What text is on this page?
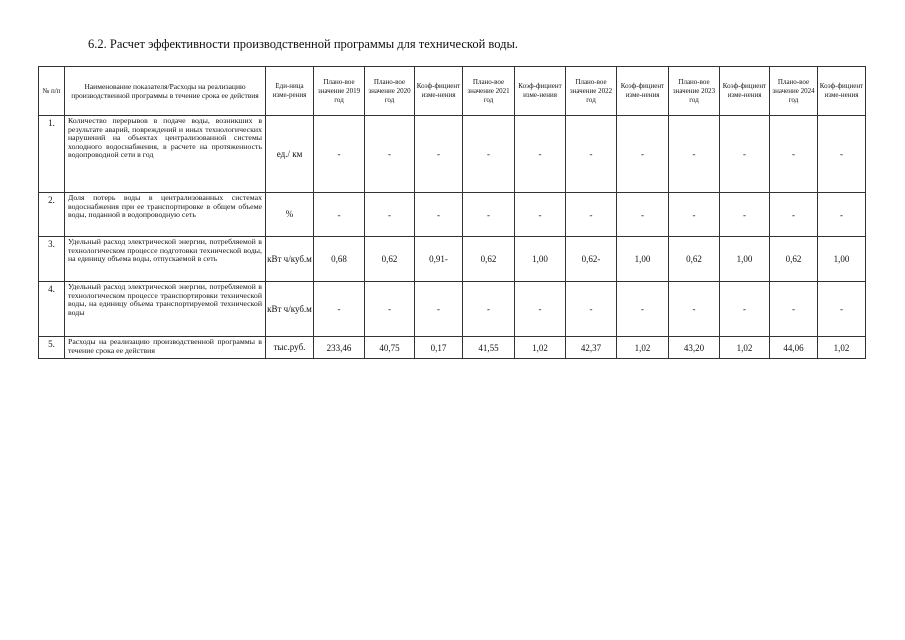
6.2. Расчет эффективности производственной программы для технической воды.
№ п/п	Наименование показателя/Расходы на реализацию производственной программы в течение срока ее действия	Еди-ница изме-рения	Плано-вое значение 2019 год	Плано-вое значение 2020 год	Коэф-фициент изме-нения	Плано-вое значение 2021 год	Коэф-фициент изме-нения	Плано-вое значение 2022 год	Коэф-фициент изме-нения	Плано-вое значение 2023 год	Коэф-фициент изме-нения	Плано-вое значение 2024 год	Коэф-фициент изме-нения
1.	Количество перерывов в подаче воды, возникших в результате аварий, повреждений и иных технологических нарушений на объектах централизованной системы холодного водоснабжения, в расчете на протяженность водопроводной сети в год	ед./ км	-	-	-	-	-	-	-	-	-	-	-
2.	Доля потерь воды в централизованных системах водоснабжения при ее транспортировке в общем объеме воды, поданной в водопроводную сеть	%	-	-	-	-	-	-	-	-	-	-	-
3.	Удельный расход электрической энергии, потребляемой в технологическом процессе подготовки технической воды, на единицу объема воды, отпускаемой в сеть	кВт ч/куб.м	0,68	0,62	0,91-	0,62	1,00	0,62-	1,00	0,62	1,00	0,62	1,00
4.	Удельный расход электрической энергии, потребляемой в технологическом процессе транспортировки технической воды, на единицу объема транспортируемой технической воды	кВт ч/куб.м	-	-	-	-	-	-	-	-	-	-	-
5.	Расходы на реализацию производственной программы в течение срока ее действия	тыс.руб.	233,46	40,75	0,17	41,55	1,02	42,37	1,02	43,20	1,02	44,06	1,02
